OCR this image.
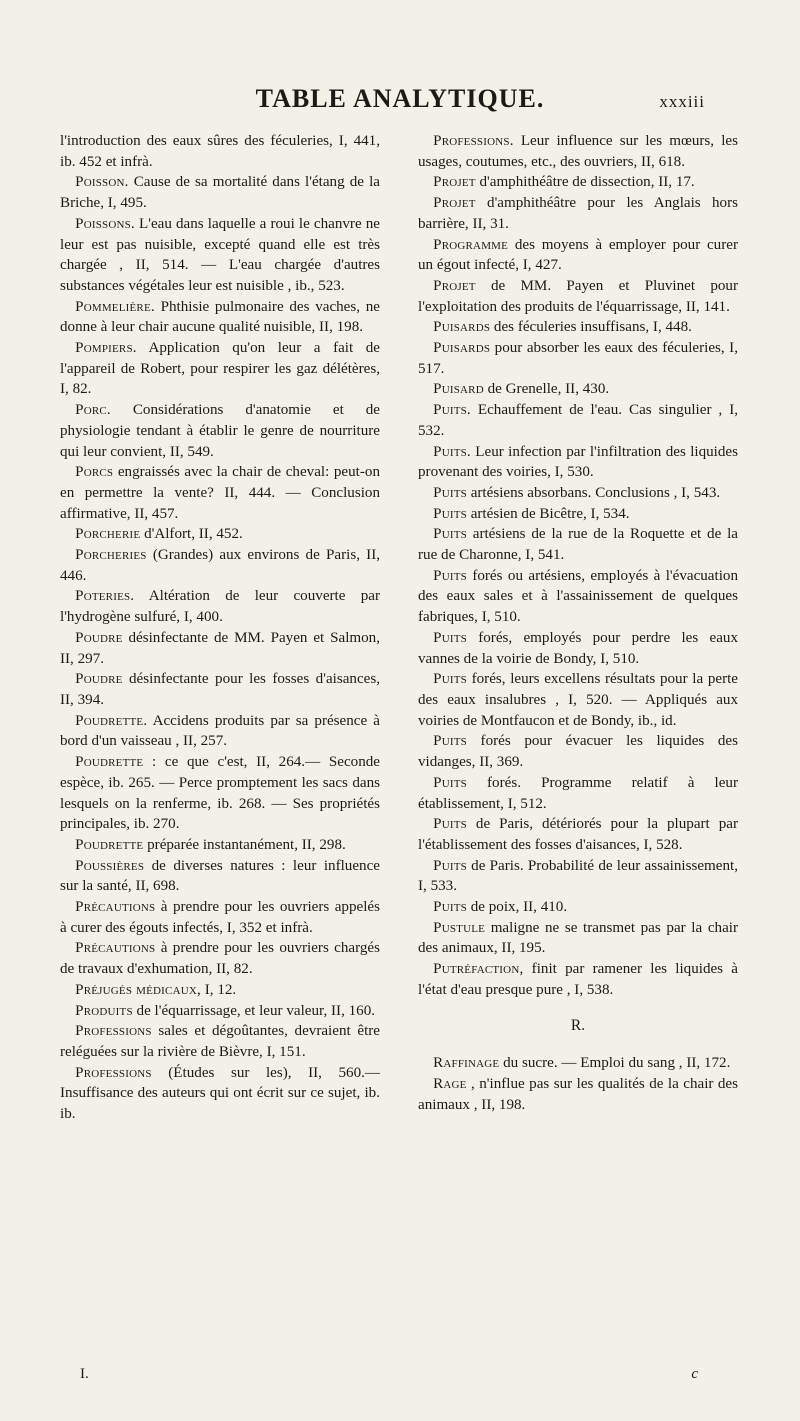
TABLE ANALYTIQUE.	xxxiii

l'introduction des eaux sûres des féculeries, I, 441, ib. 452 et infrà.

Poisson. Cause de sa mortalité dans l'étang de la Briche, I, 495.

Poissons. L'eau dans laquelle a roui le chanvre ne leur est pas nuisible, excepté quand elle est très chargée , II, 514. — L'eau chargée d'autres substances végétales leur est nuisible , ib., 523.

Pommelière. Phthisie pulmonaire des vaches, ne donne à leur chair aucune qualité nuisible, II, 198.

Pompiers. Application qu'on leur a fait de l'appareil de Robert, pour respirer les gaz délétères, I, 82.

Porc. Considérations d'anatomie et de physiologie tendant à établir le genre de nourriture qui leur convient, II, 549.

Porcs engraissés avec la chair de cheval: peut-on en permettre la vente? II, 444. — Conclusion affirmative, II, 457.

Porcherie d'Alfort, II, 452.

Porcheries (Grandes) aux environs de Paris, II, 446.

Poteries. Altération de leur couverte par l'hydrogène sulfuré, I, 400.

Poudre désinfectante de MM. Payen et Salmon, II, 297.

Poudre désinfectante pour les fosses d'aisances, II, 394.

Poudrette. Accidens produits par sa présence à bord d'un vaisseau , II, 257.

Poudrette : ce que c'est, II, 264.— Seconde espèce, ib. 265. — Perce promptement les sacs dans lesquels on la renferme, ib. 268. — Ses propriétés principales, ib. 270.

Poudrette préparée instantanément, II, 298.

Poussières de diverses natures : leur influence sur la santé, II, 698.

Précautions à prendre pour les ouvriers appelés à curer des égouts infectés, I, 352 et infrà.

Précautions à prendre pour les ouvriers chargés de travaux d'exhumation, II, 82.

Préjugés médicaux, I, 12.

Produits de l'équarrissage, et leur valeur, II, 160.

Professions sales et dégoûtantes, devraient être reléguées sur la rivière de Bièvre, I, 151.

Professions (Études sur les), II, 560.— Insuffisance des auteurs qui ont écrit sur ce sujet, ib. ib.

Professions. Leur influence sur les mœurs, les usages, coutumes, etc., des ouvriers, II, 618.

Projet d'amphithéâtre de dissection, II, 17.

Projet d'amphithéâtre pour les Anglais hors barrière, II, 31.

Programme des moyens à employer pour curer un égout infecté, I, 427.

Projet de MM. Payen et Pluvinet pour l'exploitation des produits de l'équarrissage, II, 141.

Puisards des féculeries insuffisans, I, 448.

Puisards pour absorber les eaux des féculeries, I, 517.

Puisard de Grenelle, II, 430.

Puits. Echauffement de l'eau. Cas singulier , I, 532.

Puits. Leur infection par l'infiltration des liquides provenant des voiries, I, 530.

Puits artésiens absorbans. Conclusions , I, 543.

Puits artésien de Bicêtre, I, 534.

Puits artésiens de la rue de la Roquette et de la rue de Charonne, I, 541.

Puits forés ou artésiens, employés à l'évacuation des eaux sales et à l'assainissement de quelques fabriques, I, 510.

Puits forés, employés pour perdre les eaux vannes de la voirie de Bondy, I, 510.

Puits forés, leurs excellens résultats pour la perte des eaux insalubres , I, 520. — Appliqués aux voiries de Montfaucon et de Bondy, ib., id.

Puits forés pour évacuer les liquides des vidanges, II, 369.

Puits forés. Programme relatif à leur établissement, I, 512.

Puits de Paris, détériorés pour la plupart par l'établissement des fosses d'aisances, I, 528.

Puits de Paris. Probabilité de leur assainissement, I, 533.

Puits de poix, II, 410.

Pustule maligne ne se transmet pas par la chair des animaux, II, 195.

Putréfaction, finit par ramener les liquides à l'état d'eau presque pure , I, 538.

R.

Raffinage du sucre. — Emploi du sang , II, 172.

Rage , n'influe pas sur les qualités de la chair des animaux , II, 198.

I.	c
